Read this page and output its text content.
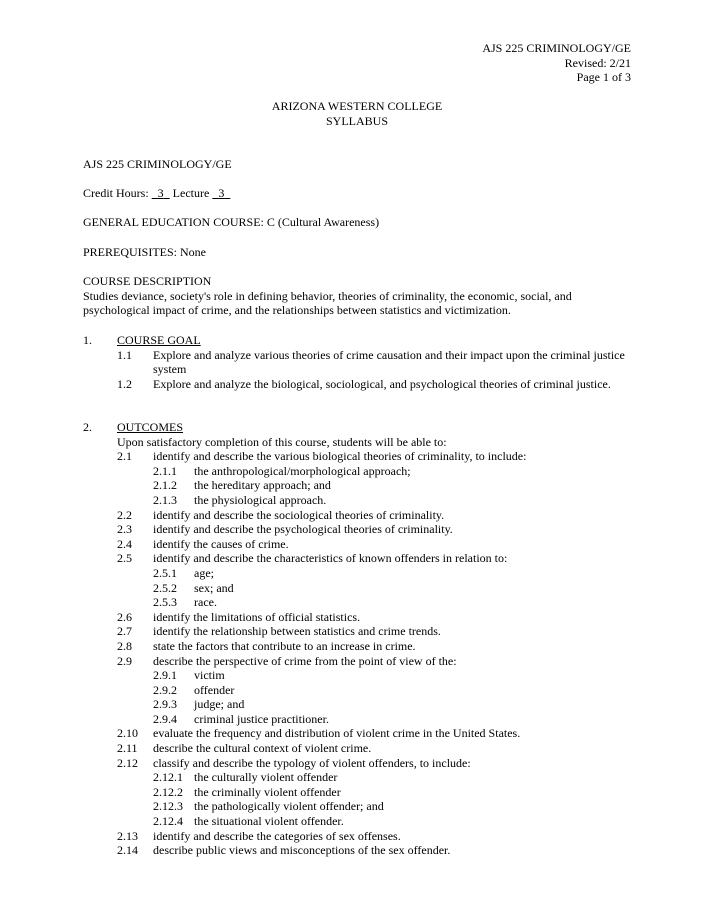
AJS 225 CRIMINOLOGY/GE
Revised: 2/21
Page 1 of 3
ARIZONA WESTERN COLLEGE
SYLLABUS
AJS 225 CRIMINOLOGY/GE
Credit Hours: 3 Lecture 3
GENERAL EDUCATION COURSE: C (Cultural Awareness)
PREREQUISITES: None
COURSE DESCRIPTION
Studies deviance, society's role in defining behavior, theories of criminality, the economic, social, and
psychological impact of crime, and the relationships between statistics and victimization.
1. COURSE GOAL
1.1 Explore and analyze various theories of crime causation and their impact upon the criminal justice system
1.2 Explore and analyze the biological, sociological, and psychological theories of criminal justice.
2. OUTCOMES
Upon satisfactory completion of this course, students will be able to:
2.1 identify and describe the various biological theories of criminality, to include:
2.1.1 the anthropological/morphological approach;
2.1.2 the hereditary approach; and
2.1.3 the physiological approach.
2.2 identify and describe the sociological theories of criminality.
2.3 identify and describe the psychological theories of criminality.
2.4 identify the causes of crime.
2.5 identify and describe the characteristics of known offenders in relation to:
2.5.1 age;
2.5.2 sex; and
2.5.3 race.
2.6 identify the limitations of official statistics.
2.7 identify the relationship between statistics and crime trends.
2.8 state the factors that contribute to an increase in crime.
2.9 describe the perspective of crime from the point of view of the:
2.9.1 victim
2.9.2 offender
2.9.3 judge; and
2.9.4 criminal justice practitioner.
2.10 evaluate the frequency and distribution of violent crime in the United States.
2.11 describe the cultural context of violent crime.
2.12 classify and describe the typology of violent offenders, to include:
2.12.1 the culturally violent offender
2.12.2 the criminally violent offender
2.12.3 the pathologically violent offender; and
2.12.4 the situational violent offender.
2.13 identify and describe the categories of sex offenses.
2.14 describe public views and misconceptions of the sex offender.
